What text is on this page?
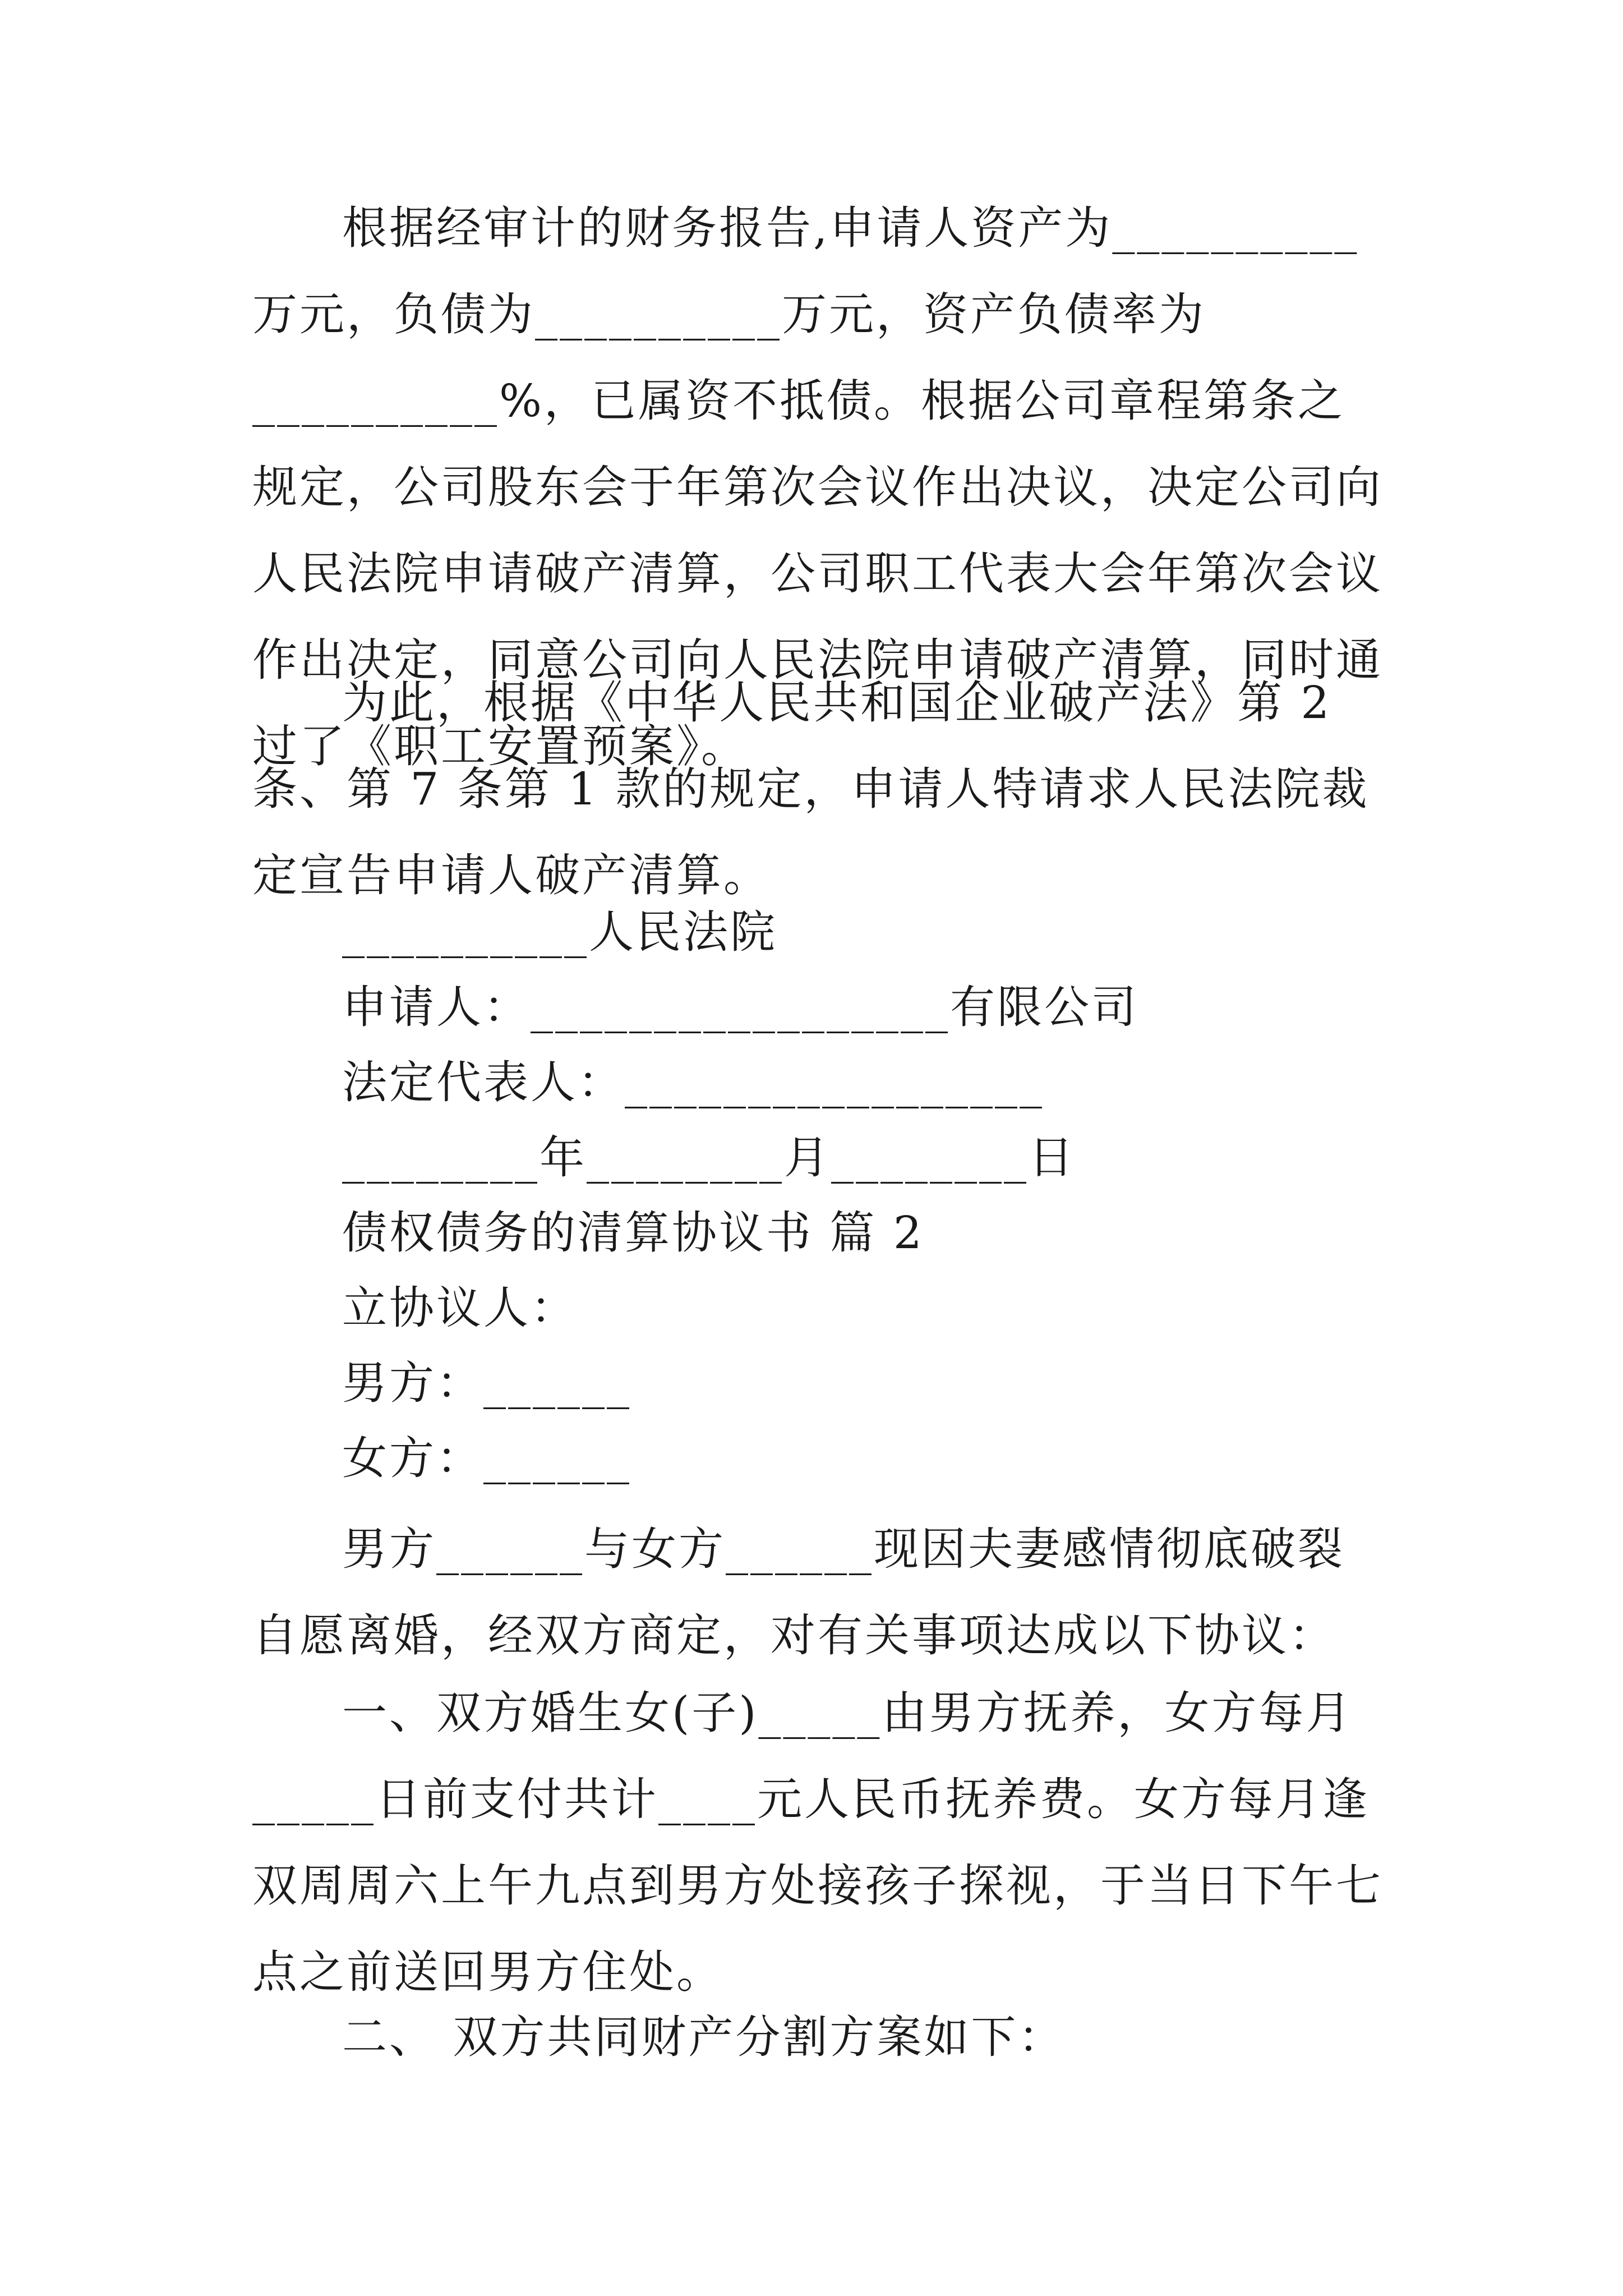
根据经审计的财务报告,申请人资产为__________万元，负债为__________万元，资产负债率为__________%，已属资不抵债。根据公司章程第条之规定，公司股东会于年第次会议作出决议，决定公司向人民法院申请破产清算，公司职工代表大会年第次会议作出决定，同意公司向人民法院申请破产清算，同时通过了《职工安置预案》。

为此，根据《中华人民共和国企业破产法》第 2 条、第 7 条第 1 款的规定，申请人特请求人民法院裁定宣告申请人破产清算。

__________人民法院

申请人：_________________有限公司

法定代表人：_________________

________年________月________日

债权债务的清算协议书 篇 2

立协议人：

男方：______

女方：______

男方______与女方______现因夫妻感情彻底破裂自愿离婚，经双方商定，对有关事项达成以下协议：

一、双方婚生女(子)_____由男方抚养，女方每月_____日前支付共计____元人民币抚养费。女方每月逢双周周六上午九点到男方处接孩子探视，于当日下午七点之前送回男方住处。

二、 双方共同财产分割方案如下：
